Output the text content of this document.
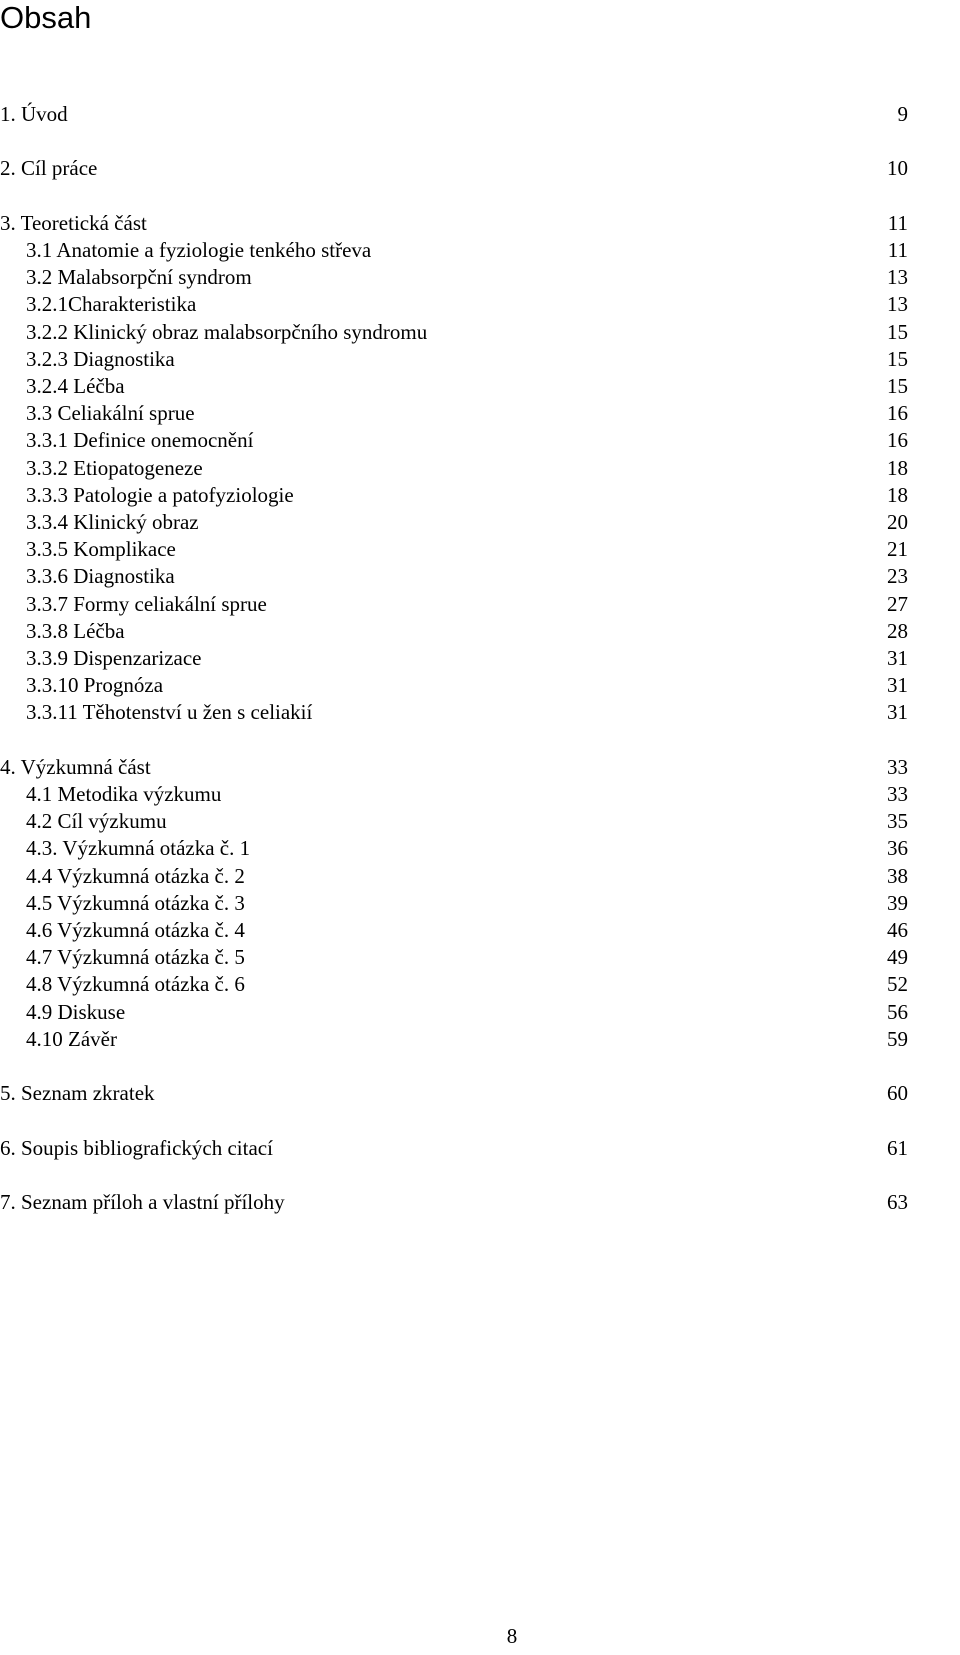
Obsah
1. Úvod	9
2. Cíl práce	10
3. Teoretická část	11
3.1 Anatomie a fyziologie tenkého střeva	11
3.2 Malabsorpční syndrom	13
3.2.1Charakteristika	13
3.2.2 Klinický obraz malabsorpčního syndromu	15
3.2.3 Diagnostika	15
3.2.4 Léčba	15
3.3 Celiakální sprue	16
3.3.1 Definice onemocnění	16
3.3.2 Etiopatogeneze	18
3.3.3 Patologie a patofyziologie	18
3.3.4 Klinický obraz	20
3.3.5 Komplikace	21
3.3.6 Diagnostika	23
3.3.7 Formy celiakální sprue	27
3.3.8 Léčba	28
3.3.9 Dispenzarizace	31
3.3.10 Prognóza	31
3.3.11 Těhotenství u žen s celiakií	31
4. Výzkumná část	33
4.1 Metodika výzkumu	33
4.2 Cíl výzkumu	35
4.3. Výzkumná otázka č. 1	36
4.4 Výzkumná otázka č. 2	38
4.5 Výzkumná otázka č. 3	39
4.6 Výzkumná otázka č. 4	46
4.7 Výzkumná otázka č. 5	49
4.8 Výzkumná otázka č. 6	52
4.9 Diskuse	56
4.10 Závěr	59
5. Seznam zkratek	60
6. Soupis bibliografických citací	61
7. Seznam příloh a vlastní přílohy	63
8
